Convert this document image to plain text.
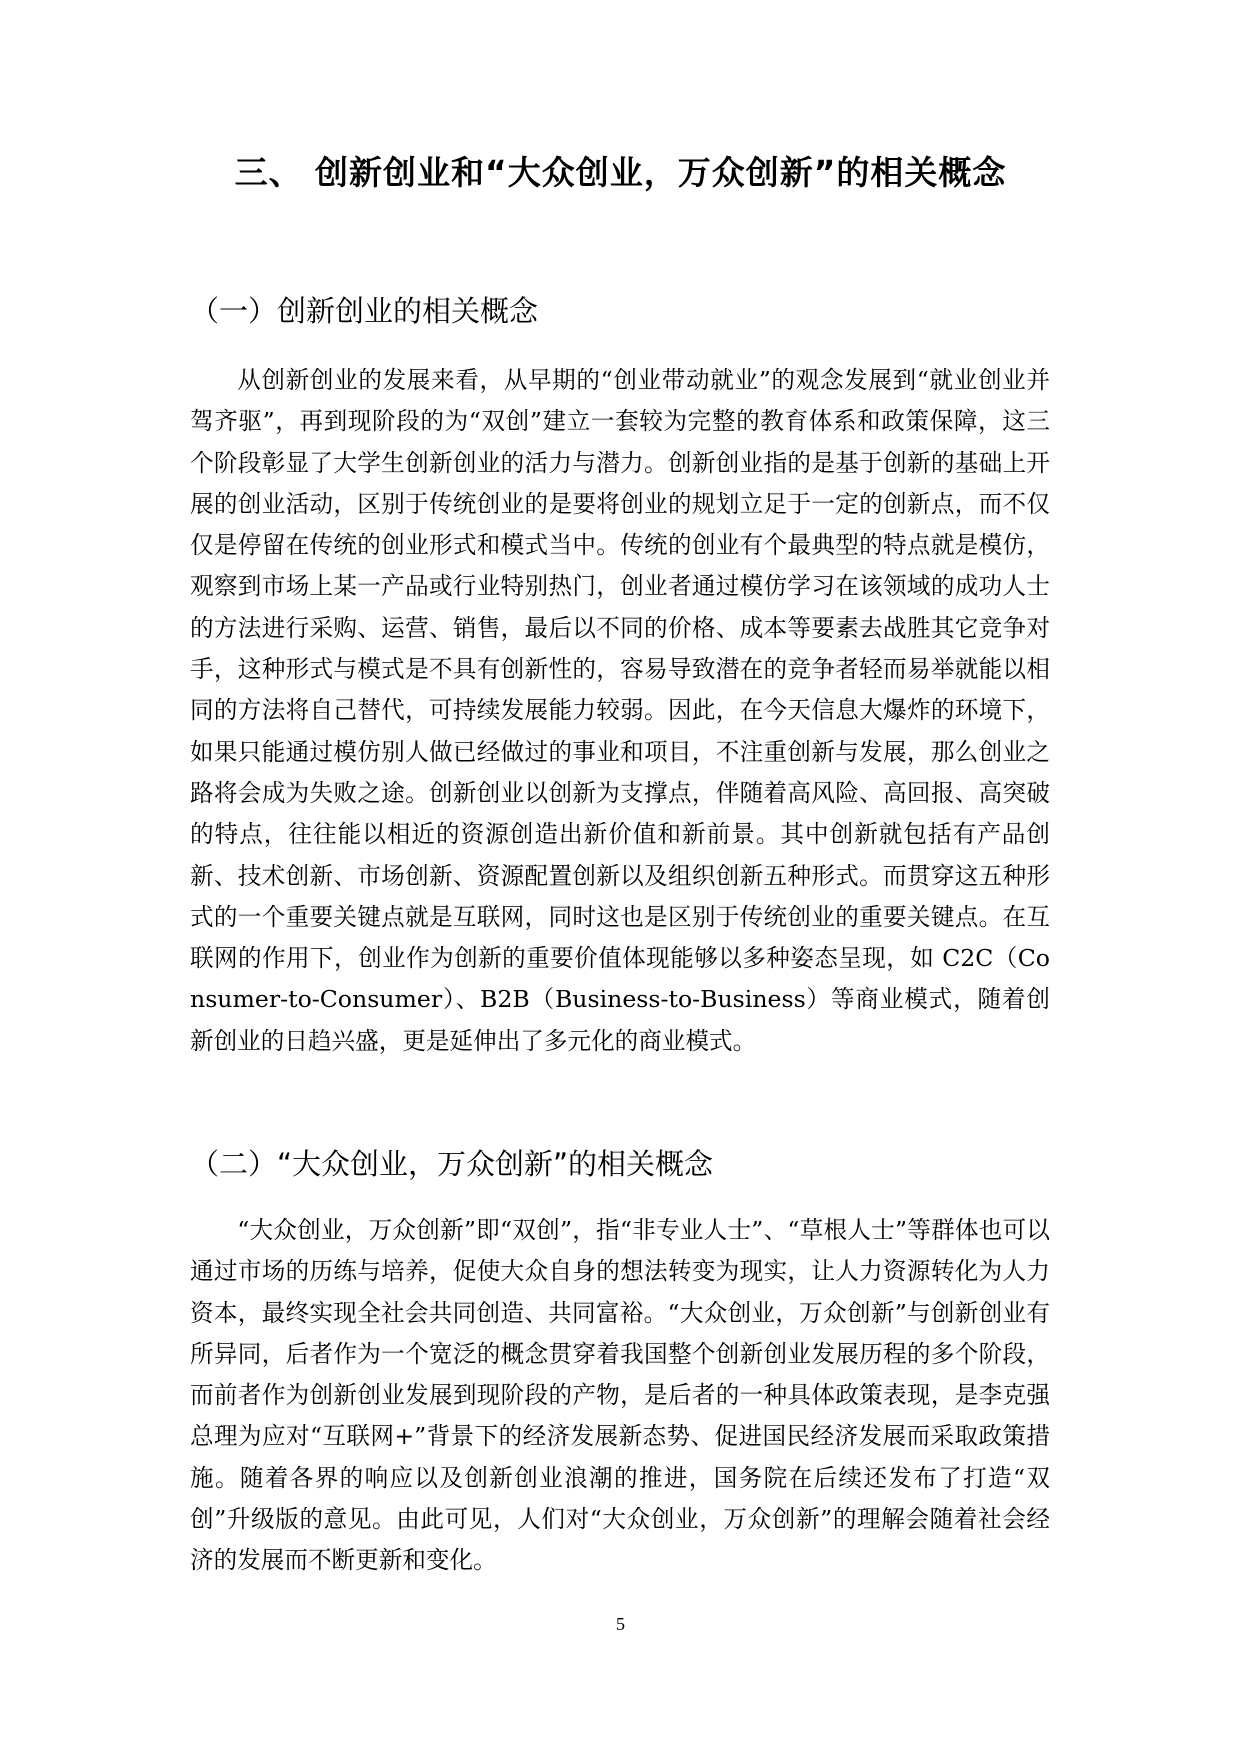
三、 创新创业和“大众创业，万众创新”的相关概念
（一）创新创业的相关概念

从创新创业的发展来看，从早期的“创业带动就业”的观念发展到“就业创业并驾齐驱”，再到现阶段的为“双创”建立一套较为完整的教育体系和政策保障，这三个阶段彰显了大学生创新创业的活力与潜力。创新创业指的是基于创新的基础上开展的创业活动，区别于传统创业的是要将创业的规划立足于一定的创新点，而不仅仅是停留在传统的创业形式和模式当中。传统的创业有个最典型的特点就是模仿，观察到市场上某一产品或行业特别热门，创业者通过模仿学习在该领域的成功人士的方法进行采购、运营、销售，最后以不同的价格、成本等要素去战胜其它竞争对手，这种形式与模式是不具有创新性的，容易导致潜在的竞争者轻而易举就能以相同的方法将自己替代，可持续发展能力较弱。因此，在今天信息大爆炸的环境下，如果只能通过模仿别人做已经做过的事业和项目，不注重创新与发展，那么创业之路将会成为失败之途。创新创业以创新为支撑点，伴随着高风险、高回报、高突破的特点，往往能以相近的资源创造出新价值和新前景。其中创新就包括有产品创新、技术创新、市场创新、资源配置创新以及组织创新五种形式。而贯穿这五种形式的一个重要关键点就是互联网，同时这也是区别于传统创业的重要关键点。在互联网的作用下，创业作为创新的重要价值体现能够以多种姿态呈现，如 C2C（Consumer-to-Consumer）、B2B（Business-to-Business）等商业模式，随着创新创业的日趋兴盛，更是延伸出了多元化的商业模式。

（二）“大众创业，万众创新”的相关概念

“大众创业，万众创新”即“双创”，指“非专业人士”、“草根人士”等群体也可以通过市场的历练与培养，促使大众自身的想法转变为现实，让人力资源转化为人力资本，最终实现全社会共同创造、共同富裕。“大众创业，万众创新”与创新创业有所异同，后者作为一个宽泛的概念贯穿着我国整个创新创业发展历程的多个阶段，而前者作为创新创业发展到现阶段的产物，是后者的一种具体政策表现，是李克强总理为应对“互联网+”背景下的经济发展新态势、促进国民经济发展而采取政策措施。随着各界的响应以及创新创业浪潮的推进，国务院在后续还发布了打造“双创”升级版的意见。由此可见，人们对“大众创业，万众创新”的理解会随着社会经济的发展而不断更新和变化。

5
